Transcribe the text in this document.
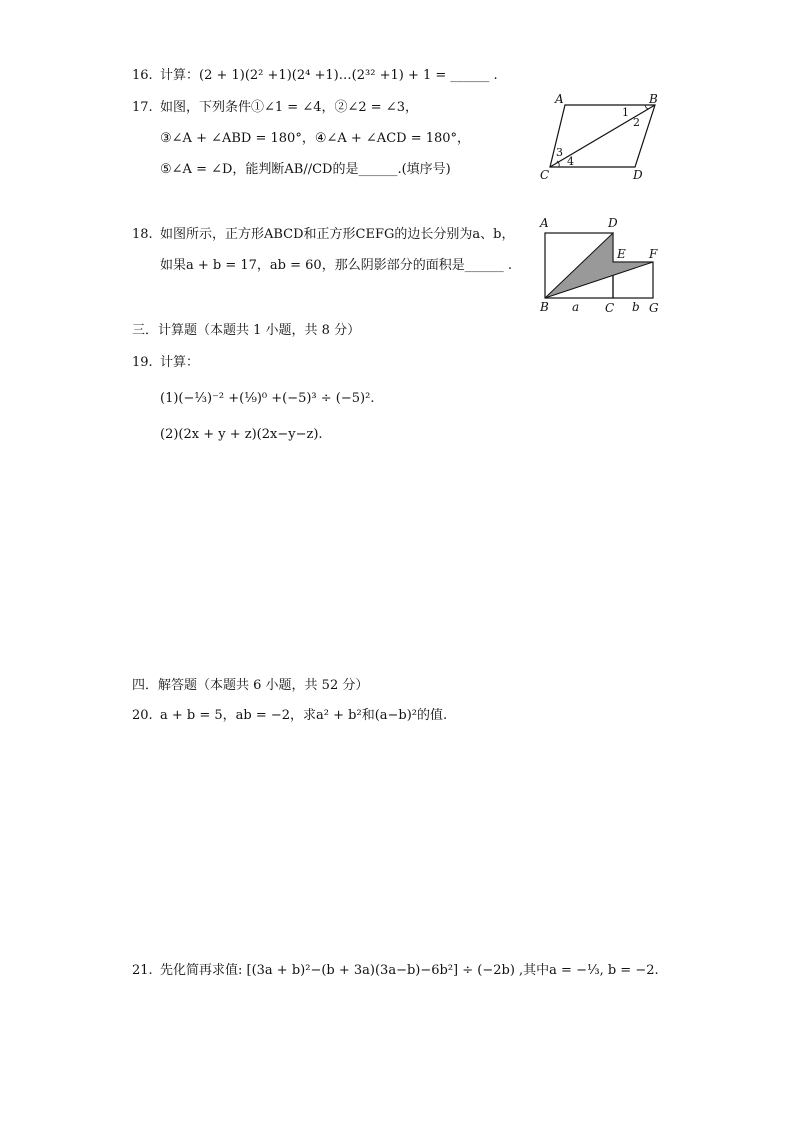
16. 计算：(2 + 1)(2² +1)(2⁴ +1)…(2³² +1) + 1 = ______ .
17. 如图，下列条件①∠1 = ∠4，②∠2 = ∠3，
③∠A + ∠ABD = 180°，④∠A + ∠ACD = 180°，
⑤∠A = ∠D，能判断AB//CD的是______.(填序号)
A	B
C	D
1
2
3
4
18. 如图所示，正方形ABCD和正方形CEFG的边长分别为a、b，
如果a + b = 17，ab = 60，那么阴影部分的面积是______ .
A	D
E F
B a C b G
三．计算题（本题共 1 小题，共 8 分）
19. 计算：
(1)(−⅓)⁻² +(⅑)⁰ +(−5)³ ÷ (−5)².
(2)(2x + y + z)(2x−y−z).
四．解答题（本题共 6 小题，共 52 分）
20. a + b = 5，ab = −2，求a² + b²和(a−b)²的值.
21. 先化简再求值: [(3a + b)²−(b + 3a)(3a−b)−6b²] ÷ (−2b) ,其中a = −⅓, b = −2.
